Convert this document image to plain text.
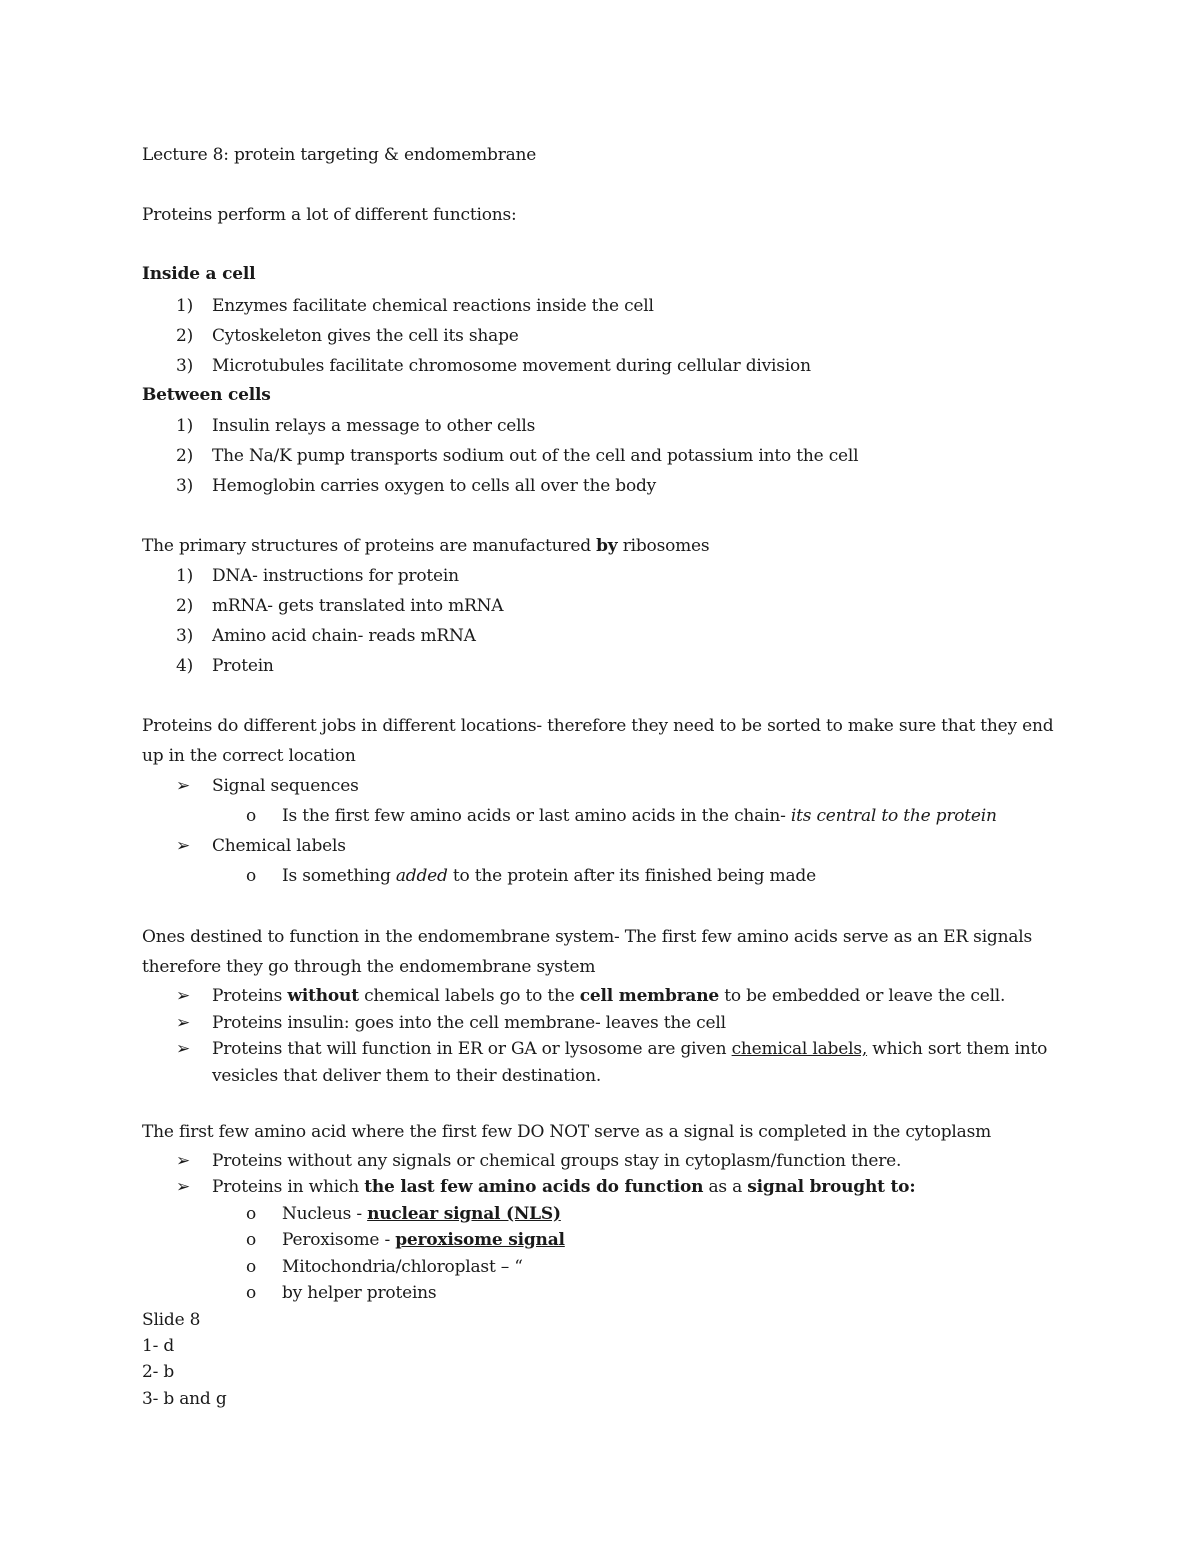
Lecture 8: protein targeting & endomembrane
Proteins perform a lot of different functions:
Inside a cell
1) Enzymes facilitate chemical reactions inside the cell
2) Cytoskeleton gives the cell its shape
3) Microtubules facilitate chromosome movement during cellular division
Between cells
1) Insulin relays a message to other cells
2) The Na/K pump transports sodium out of the cell and potassium into the cell
3) Hemoglobin carries oxygen to cells all over the body
The primary structures of proteins are manufactured by ribosomes
1) DNA- instructions for protein
2) mRNA- gets translated into mRNA
3) Amino acid chain- reads mRNA
4) Protein
Proteins do different jobs in different locations- therefore they need to be sorted to make sure that they end
up in the correct location
➢ Signal sequences
o Is the first few amino acids or last amino acids in the chain- its central to the protein
➢ Chemical labels
o Is something added to the protein after its finished being made
Ones destined to function in the endomembrane system- The first few amino acids serve as an ER signals
therefore they go through the endomembrane system
➢ Proteins without chemical labels go to the cell membrane to be embedded or leave the cell.
➢ Proteins insulin: goes into the cell membrane- leaves the cell
➢ Proteins that will function in ER or GA or lysosome are given chemical labels, which sort them into
vesicles that deliver them to their destination.
The first few amino acid where the first few DO NOT serve as a signal is completed in the cytoplasm
➢ Proteins without any signals or chemical groups stay in cytoplasm/function there.
➢ Proteins in which the last few amino acids do function as a signal brought to:
o Nucleus - nuclear signal (NLS)
o Peroxisome - peroxisome signal
o Mitochondria/chloroplast – “
o by helper proteins
Slide 8
1- d
2- b
3- b and g
